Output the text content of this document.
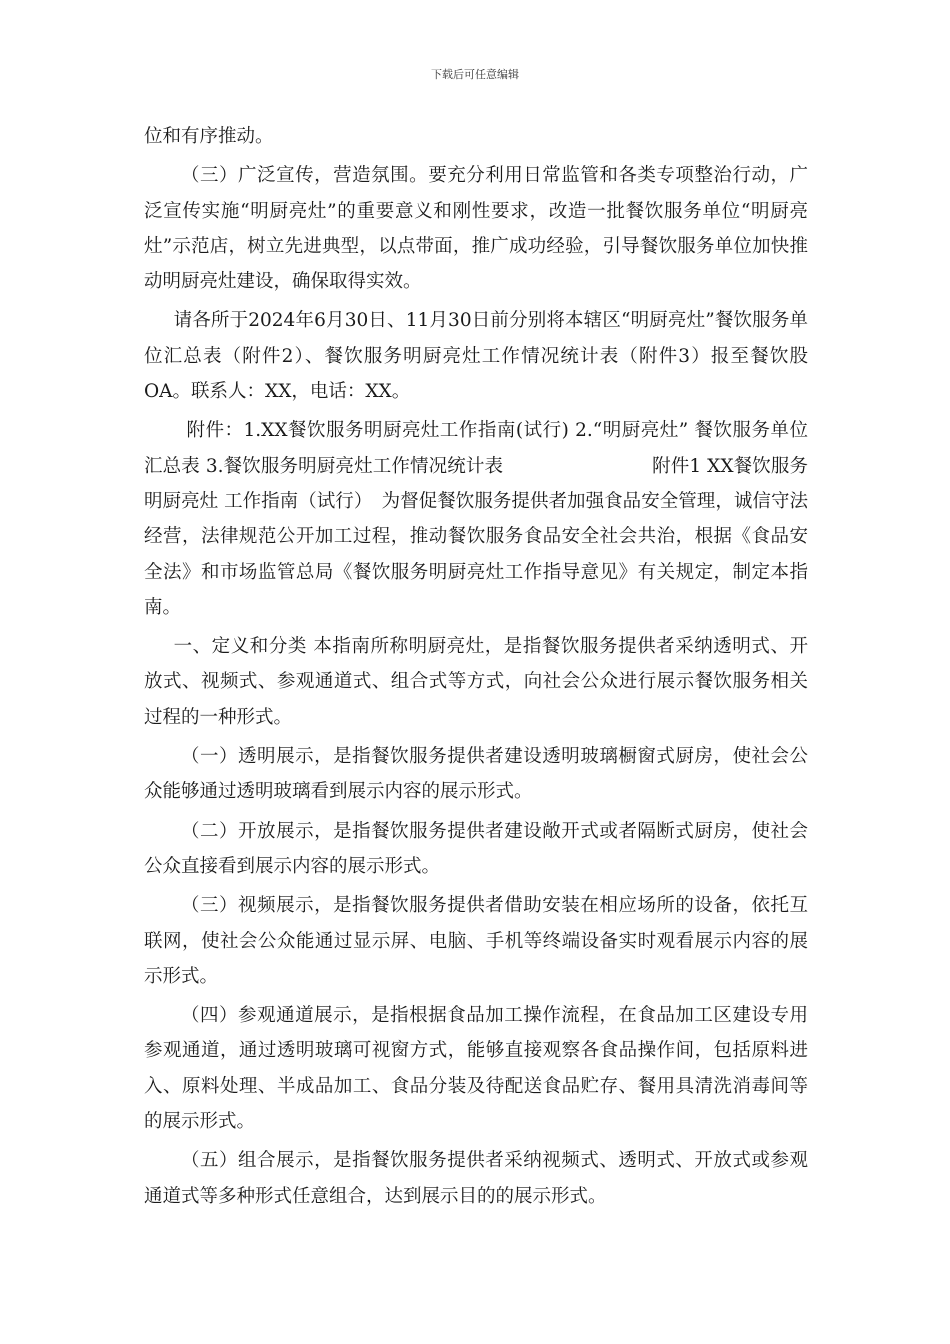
下载后可任意编辑

位和有序推动。

（三）广泛宣传，营造氛围。要充分利用日常监管和各类专项整治行动，广泛宣传实施“明厨亮灶”的重要意义和刚性要求，改造一批餐饮服务单位“明厨亮灶”示范店，树立先进典型，以点带面，推广成功经验，引导餐饮服务单位加快推动明厨亮灶建设，确保取得实效。

请各所于2024年6月30日、11月30日前分别将本辖区“明厨亮灶”餐饮服务单位汇总表（附件2）、餐饮服务明厨亮灶工作情况统计表（附件3）报至餐饮股OA。联系人：XX，电话：XX。

附件：1.XX餐饮服务明厨亮灶工作指南(试行) 2.“明厨亮灶” 餐饮服务单位汇总表 3.餐饮服务明厨亮灶工作情况统计表　　　　　　　　附件1 XX餐饮服务明厨亮灶 工作指南（试行）　为督促餐饮服务提供者加强食品安全管理，诚信守法经营，法律规范公开加工过程，推动餐饮服务食品安全社会共治，根据《食品安全法》和市场监管总局《餐饮服务明厨亮灶工作指导意见》有关规定，制定本指南。

一、定义和分类 本指南所称明厨亮灶，是指餐饮服务提供者采纳透明式、开放式、视频式、参观通道式、组合式等方式，向社会公众进行展示餐饮服务相关过程的一种形式。

（一）透明展示，是指餐饮服务提供者建设透明玻璃橱窗式厨房，使社会公众能够通过透明玻璃看到展示内容的展示形式。

（二）开放展示，是指餐饮服务提供者建设敞开式或者隔断式厨房，使社会公众直接看到展示内容的展示形式。

（三）视频展示，是指餐饮服务提供者借助安装在相应场所的设备，依托互联网，使社会公众能通过显示屏、电脑、手机等终端设备实时观看展示内容的展示形式。

（四）参观通道展示，是指根据食品加工操作流程，在食品加工区建设专用参观通道，通过透明玻璃可视窗方式，能够直接观察各食品操作间，包括原料进入、原料处理、半成品加工、食品分装及待配送食品贮存、餐用具清洗消毒间等的展示形式。

（五）组合展示，是指餐饮服务提供者采纳视频式、透明式、开放式或参观通道式等多种形式任意组合，达到展示目的的展示形式。
